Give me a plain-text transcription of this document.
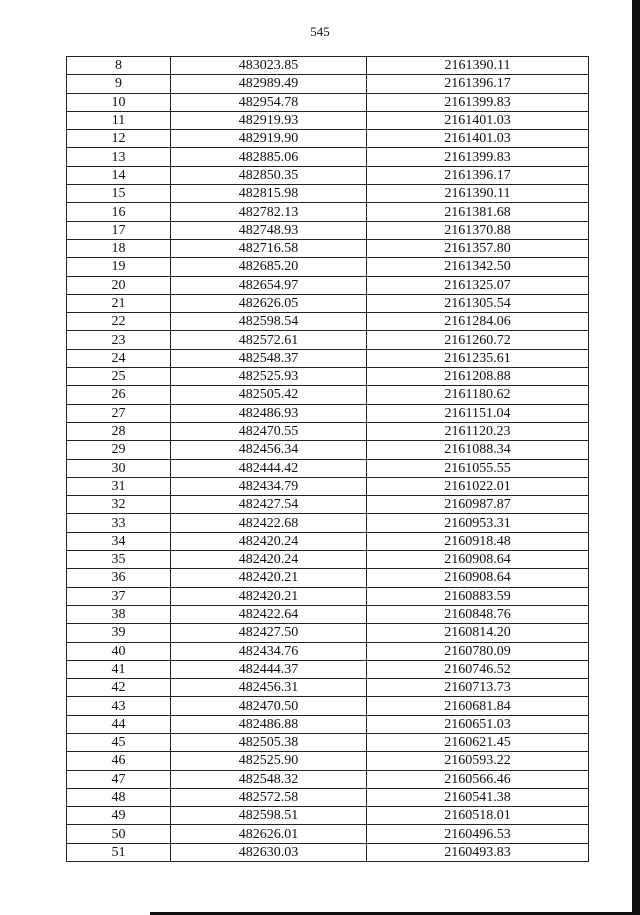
545
8	483023.85	2161390.11
9	482989.49	2161396.17
10	482954.78	2161399.83
11	482919.93	2161401.03
12	482919.90	2161401.03
13	482885.06	2161399.83
14	482850.35	2161396.17
15	482815.98	2161390.11
16	482782.13	2161381.68
17	482748.93	2161370.88
18	482716.58	2161357.80
19	482685.20	2161342.50
20	482654.97	2161325.07
21	482626.05	2161305.54
22	482598.54	2161284.06
23	482572.61	2161260.72
24	482548.37	2161235.61
25	482525.93	2161208.88
26	482505.42	2161180.62
27	482486.93	2161151.04
28	482470.55	2161120.23
29	482456.34	2161088.34
30	482444.42	2161055.55
31	482434.79	2161022.01
32	482427.54	2160987.87
33	482422.68	2160953.31
34	482420.24	2160918.48
35	482420.24	2160908.64
36	482420.21	2160908.64
37	482420.21	2160883.59
38	482422.64	2160848.76
39	482427.50	2160814.20
40	482434.76	2160780.09
41	482444.37	2160746.52
42	482456.31	2160713.73
43	482470.50	2160681.84
44	482486.88	2160651.03
45	482505.38	2160621.45
46	482525.90	2160593.22
47	482548.32	2160566.46
48	482572.58	2160541.38
49	482598.51	2160518.01
50	482626.01	2160496.53
51	482630.03	2160493.83
